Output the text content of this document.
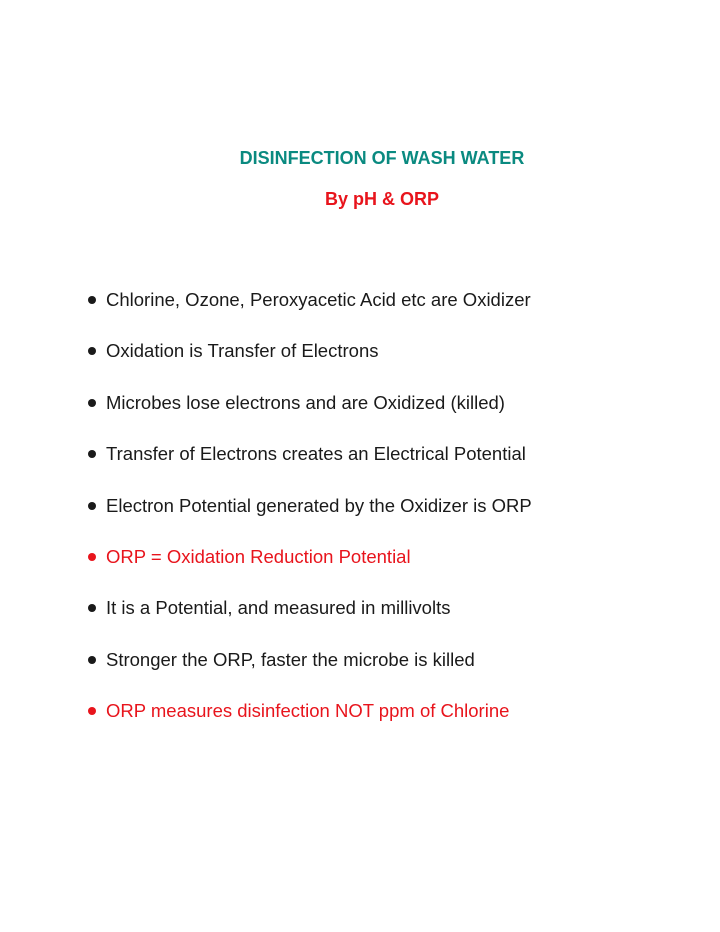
DISINFECTION OF WASH WATER
By pH & ORP
Chlorine, Ozone, Peroxyacetic Acid etc are Oxidizer
Oxidation is Transfer of Electrons
Microbes lose electrons and are Oxidized (killed)
Transfer of Electrons creates an Electrical Potential
Electron Potential generated by the Oxidizer is ORP
ORP = Oxidation Reduction Potential
It is a Potential, and measured in millivolts
Stronger the ORP, faster the microbe is killed
ORP measures disinfection NOT ppm of Chlorine
